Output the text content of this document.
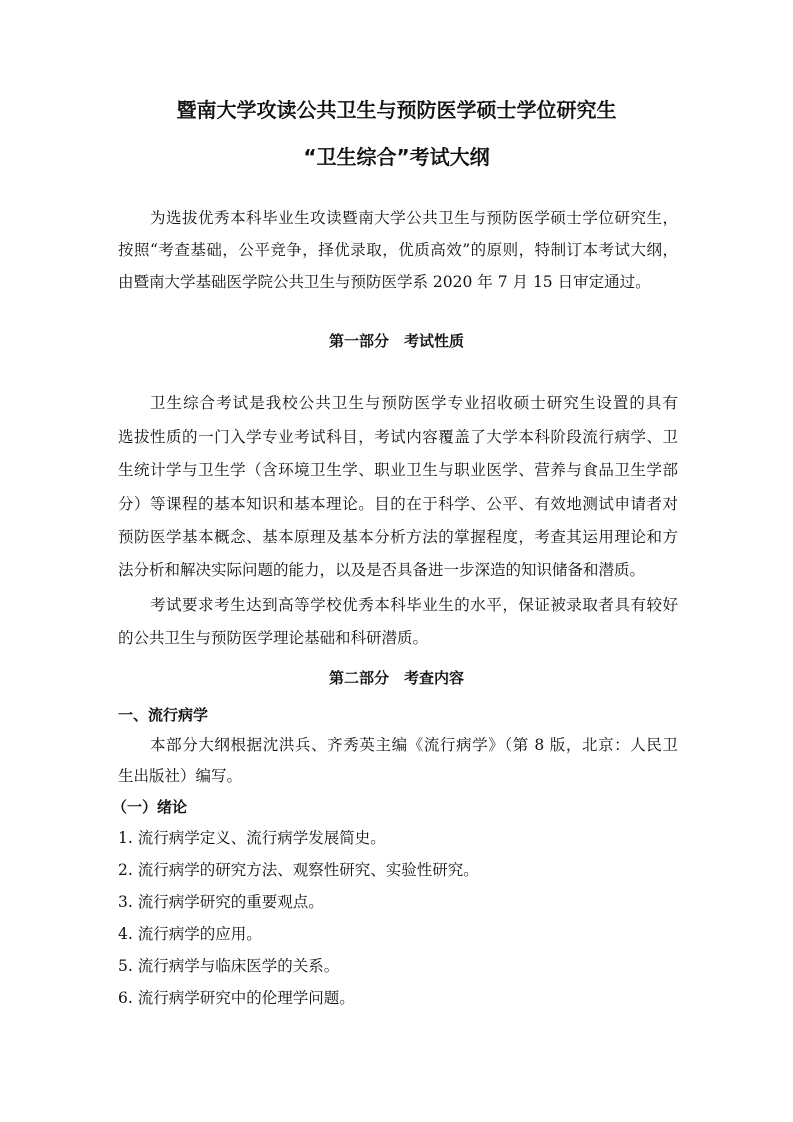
暨南大学攻读公共卫生与预防医学硕士学位研究生
“卫生综合”考试大纲
为选拔优秀本科毕业生攻读暨南大学公共卫生与预防医学硕士学位研究生，
按照“考查基础，公平竞争，择优录取，优质高效”的原则，特制订本考试大纲，
由暨南大学基础医学院公共卫生与预防医学系 2020 年 7 月 15 日审定通过。
第一部分　考试性质
卫生综合考试是我校公共卫生与预防医学专业招收硕士研究生设置的具有
选拔性质的一门入学专业考试科目，考试内容覆盖了大学本科阶段流行病学、卫
生统计学与卫生学（含环境卫生学、职业卫生与职业医学、营养与食品卫生学部
分）等课程的基本知识和基本理论。目的在于科学、公平、有效地测试申请者对
预防医学基本概念、基本原理及基本分析方法的掌握程度，考查其运用理论和方
法分析和解决实际问题的能力，以及是否具备进一步深造的知识储备和潜质。
考试要求考生达到高等学校优秀本科毕业生的水平，保证被录取者具有较好
的公共卫生与预防医学理论基础和科研潜质。
第二部分　考查内容
一、流行病学
本部分大纲根据沈洪兵、齐秀英主编《流行病学》（第 8 版，北京：人民卫
生出版社）编写。
（一）绪论
1. 流行病学定义、流行病学发展简史。
2. 流行病学的研究方法、观察性研究、实验性研究。
3. 流行病学研究的重要观点。
4. 流行病学的应用。
5. 流行病学与临床医学的关系。
6. 流行病学研究中的伦理学问题。
